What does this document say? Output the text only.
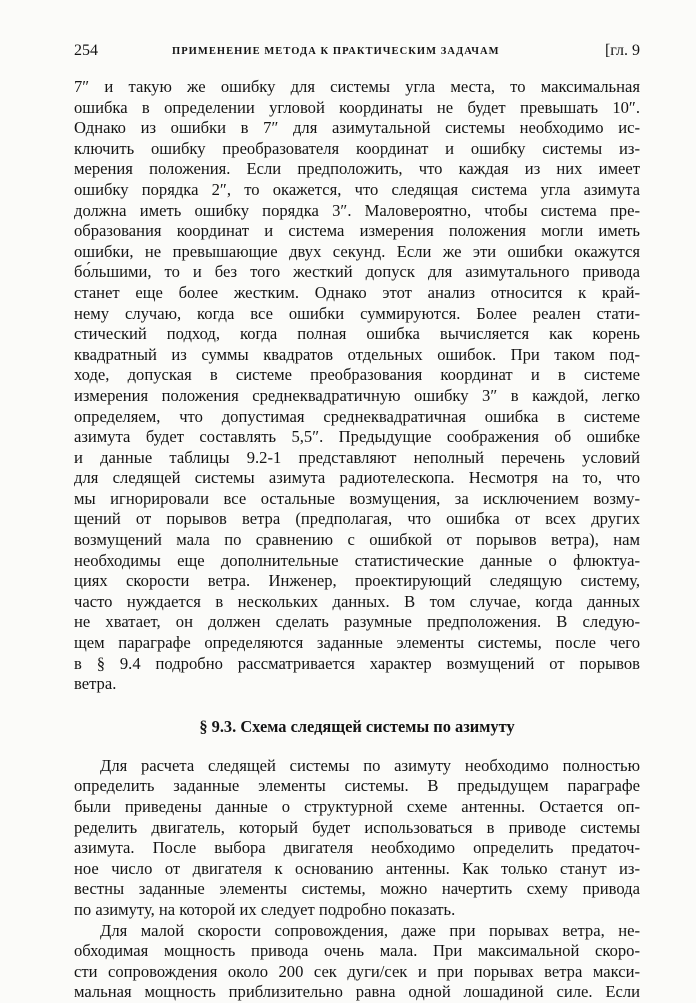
254	ПРИМЕНЕНИЕ МЕТОДА К ПРАКТИЧЕСКИМ ЗАДАЧАМ	[гл. 9
7″ и такую же ошибку для системы угла места, то максимальная
ошибка в определении угловой координаты не будет превышать 10″.
Однако из ошибки в 7″ для азимутальной системы необходимо ис-
ключить ошибку преобразователя координат и ошибку системы из-
мерения положения. Если предположить, что каждая из них имеет
ошибку порядка 2″, то окажется, что следящая система угла азимута
должна иметь ошибку порядка 3″. Маловероятно, чтобы система пре-
образования координат и система измерения положения могли иметь
ошибки, не превышающие двух секунд. Если же эти ошибки окажутся
бо́льшими, то и без того жесткий допуск для азимутального привода
станет еще более жестким. Однако этот анализ относится к край-
нему случаю, когда все ошибки суммируются. Более реален стати-
стический подход, когда полная ошибка вычисляется как корень
квадратный из суммы квадратов отдельных ошибок. При таком под-
ходе, допуская в системе преобразования координат и в системе
измерения положения среднеквадратичную ошибку 3″ в каждой, легко
определяем, что допустимая среднеквадратичная ошибка в системе
азимута будет составлять 5,5″. Предыдущие соображения об ошибке
и данные таблицы 9.2-1 представляют неполный перечень условий
для следящей системы азимута радиотелескопа. Несмотря на то, что
мы игнорировали все остальные возмущения, за исключением возму-
щений от порывов ветра (предполагая, что ошибка от всех других
возмущений мала по сравнению с ошибкой от порывов ветра), нам
необходимы еще дополнительные статистические данные о флюктуа-
циях скорости ветра. Инженер, проектирующий следящую систему,
часто нуждается в нескольких данных. В том случае, когда данных
не хватает, он должен сделать разумные предположения. В следую-
щем параграфе определяются заданные элементы системы, после чего
в § 9.4 подробно рассматривается характер возмущений от порывов
ветра.
§ 9.3. Схема следящей системы по азимуту
Для расчета следящей системы по азимуту необходимо полностью
определить заданные элементы системы. В предыдущем параграфе
были приведены данные о структурной схеме антенны. Остается оп-
ределить двигатель, который будет использоваться в приводе системы
азимута. После выбора двигателя необходимо определить предаточ-
ное число от двигателя к основанию антенны. Как только станут из-
вестны заданные элементы системы, можно начертить схему привода
по азимуту, на которой их следует подробно показать.
Для малой скорости сопровождения, даже при порывах ветра, не-
обходимая мощность привода очень мала. При максимальной скоро-
сти сопровождения около 200 сек дуги/сек и при порывах ветра макси-
мальная мощность приблизительно равна одной лошадиной силе. Если
